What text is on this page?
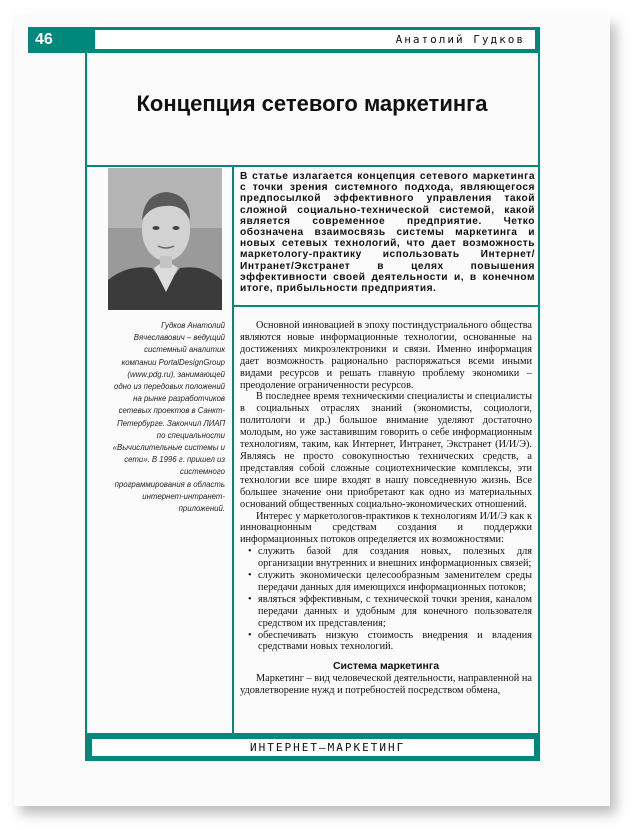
46	Анатолий Гудков
Концепция сетевого маркетинга
В статье излагается концепция сетевого маркетинга с точки зрения системного подхода, являющегося предпосылкой эффективного управления такой сложной социально-технической системой, какой является современное предприятие. Четко обозначена взаимосвязь системы маркетинга и новых сетевых технологий, что дает возможность маркетологу-практику использовать Интернет/Интранет/Экстранет в целях повышения эффективности своей деятельности и, в конечном итоге, прибыльности предприятия.
Гудков Анатолий Вячеславович – ведущий системный аналитик компании PortalDesignGroup (www.pdg.ru), занимающей одно из передовых положений на рынке разработчиков сетевых проектов в Санкт-Петербурге. Закончил ЛИАП по специальности «Вычислительные системы и сети». В 1996 г. пришел из системного программирования в область интернет-интранет-приложений.

Основной инновацией в эпоху постиндустриального общества являются новые информационные технологии, основанные на достижениях микроэлектроники и связи. Именно информация дает возможность рационально распоряжаться всеми иными видами ресурсов и решать главную проблему экономики – преодоление ограниченности ресурсов.

В последнее время техническими специалисты и специалисты в социальных отраслях знаний (экономисты, социологи, политологи и др.) большое внимание уделяют достаточно молодым, но уже заставившим говорить о себе информационным технологиям, таким, как Интернет, Интранет, Экстранет (И/И/Э). Являясь не просто совокупностью технических средств, а представляя собой сложные социотехнические комплексы, эти технологии все шире входят в нашу повседневную жизнь. Все большее значение они приобретают как одно из материальных оснований общественных социально-экономических отношений.

Интерес у маркетологов-практиков к технологиям И/И/Э как к инновационным средствам создания и поддержки информационных потоков определяется их возможностями:

• служить базой для создания новых, полезных для организации внутренних и внешних информационных связей;
• служить экономически целесообразным заменителем среды передачи данных для имеющихся информационных потоков;
• являться эффективным, с технической точки зрения, каналом передачи данных и удобным для конечного пользователя средством их представления;
• обеспечивать низкую стоимость внедрения и владения средствами новых технологий.
Система маркетинга

Маркетинг – вид человеческой деятельности, направленной на удовлетворение нужд и потребностей посредством обмена,

ИНТЕРНЕТ–МАРКЕТИНГ
